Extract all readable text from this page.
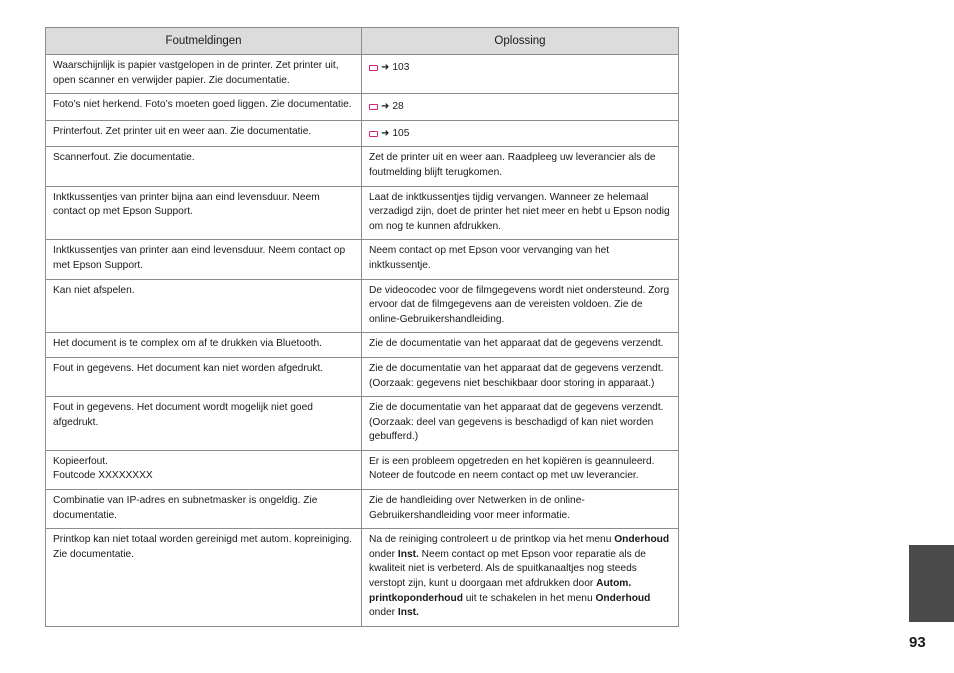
Foutmeldingen	Oplossing
Waarschijnlijk is papier vastgelopen in de printer. Zet printer uit, open scanner en verwijder papier. Zie documentatie.	➜ 103

Foto’s niet herkend. Foto’s moeten goed liggen. Zie documentatie.	➜ 28

Printerfout. Zet printer uit en weer aan. Zie documentatie.	➜ 105

Scannerfout. Zie documentatie.	Zet de printer uit en weer aan. Raadpleeg uw leverancier als de foutmelding blijft terugkomen.
Inktkussentjes van printer bijna aan eind levensduur. Neem contact op met Epson Support.	Laat de inktkussentjes tijdig vervangen. Wanneer ze helemaal verzadigd zijn, doet de printer het niet meer en hebt u Epson nodig om nog te kunnen afdrukken.
Inktkussentjes van printer aan eind levensduur. Neem contact op met Epson Support.	Neem contact op met Epson voor vervanging van het inktkussentje.
Kan niet afspelen.	De videocodec voor de filmgegevens wordt niet ondersteund. Zorg ervoor dat de filmgegevens aan de vereisten voldoen. Zie de online-Gebruikershandleiding.
Het document is te complex om af te drukken via Bluetooth.	Zie de documentatie van het apparaat dat de gegevens verzendt.
Fout in gegevens. Het document kan niet worden afgedrukt.	Zie de documentatie van het apparaat dat de gegevens verzendt. (Oorzaak: gegevens niet beschikbaar door storing in apparaat.)
Fout in gegevens. Het document wordt mogelijk niet goed afgedrukt.	Zie de documentatie van het apparaat dat de gegevens verzendt. (Oorzaak: deel van gegevens is beschadigd of kan niet worden gebufferd.)

Kopieerfout.
Foutcode XXXXXXXX	Er is een probleem opgetreden en het kopiëren is geannuleerd. Noteer de foutcode en neem contact op met uw leverancier.
Combinatie van IP-adres en subnetmasker is ongeldig. Zie documentatie.	Zie de handleiding over Netwerken in de online-Gebruikershandleiding voor meer informatie.
Printkop kan niet totaal worden gereinigd met autom. kopreiniging. Zie documentatie.	Na de reiniging controleert u de printkop via het menu Onderhoud onder Inst. Neem contact op met Epson voor reparatie als de kwaliteit niet is verbeterd. Als de spuitkanaaltjes nog steeds verstopt zijn, kunt u doorgaan met afdrukken door Autom. printkoponderhoud uit te schakelen in het menu Onderhoud onder Inst.
93
